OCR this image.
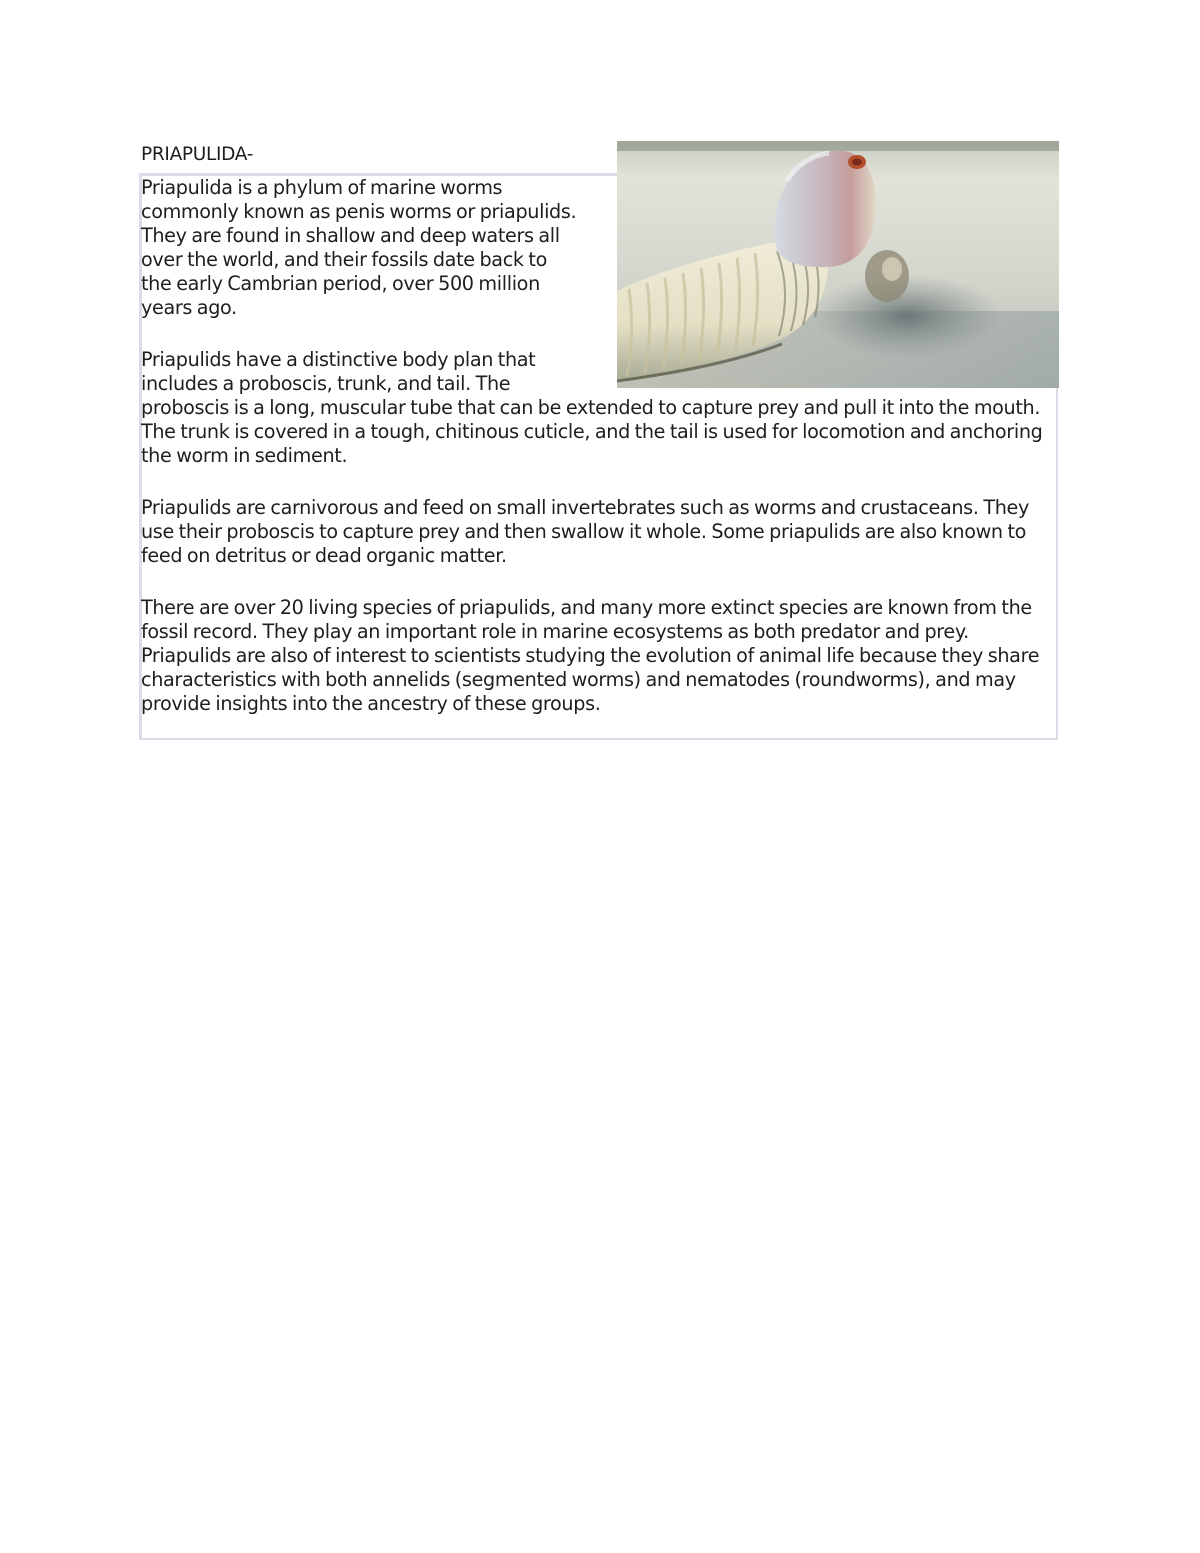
PRIAPULIDA-

Priapulida is a phylum of marine worms commonly known as penis worms or priapulids. They are found in shallow and deep waters all over the world, and their fossils date back to the early Cambrian period, over 500 million years ago.

Priapulids have a distinctive body plan that includes a proboscis, trunk, and tail. The proboscis is a long, muscular tube that can be extended to capture prey and pull it into the mouth. The trunk is covered in a tough, chitinous cuticle, and the tail is used for locomotion and anchoring the worm in sediment.

Priapulids are carnivorous and feed on small invertebrates such as worms and crustaceans. They use their proboscis to capture prey and then swallow it whole. Some priapulids are also known to feed on detritus or dead organic matter.

There are over 20 living species of priapulids, and many more extinct species are known from the fossil record. They play an important role in marine ecosystems as both predator and prey. Priapulids are also of interest to scientists studying the evolution of animal life because they share characteristics with both annelids (segmented worms) and nematodes (roundworms), and may provide insights into the ancestry of these groups.
